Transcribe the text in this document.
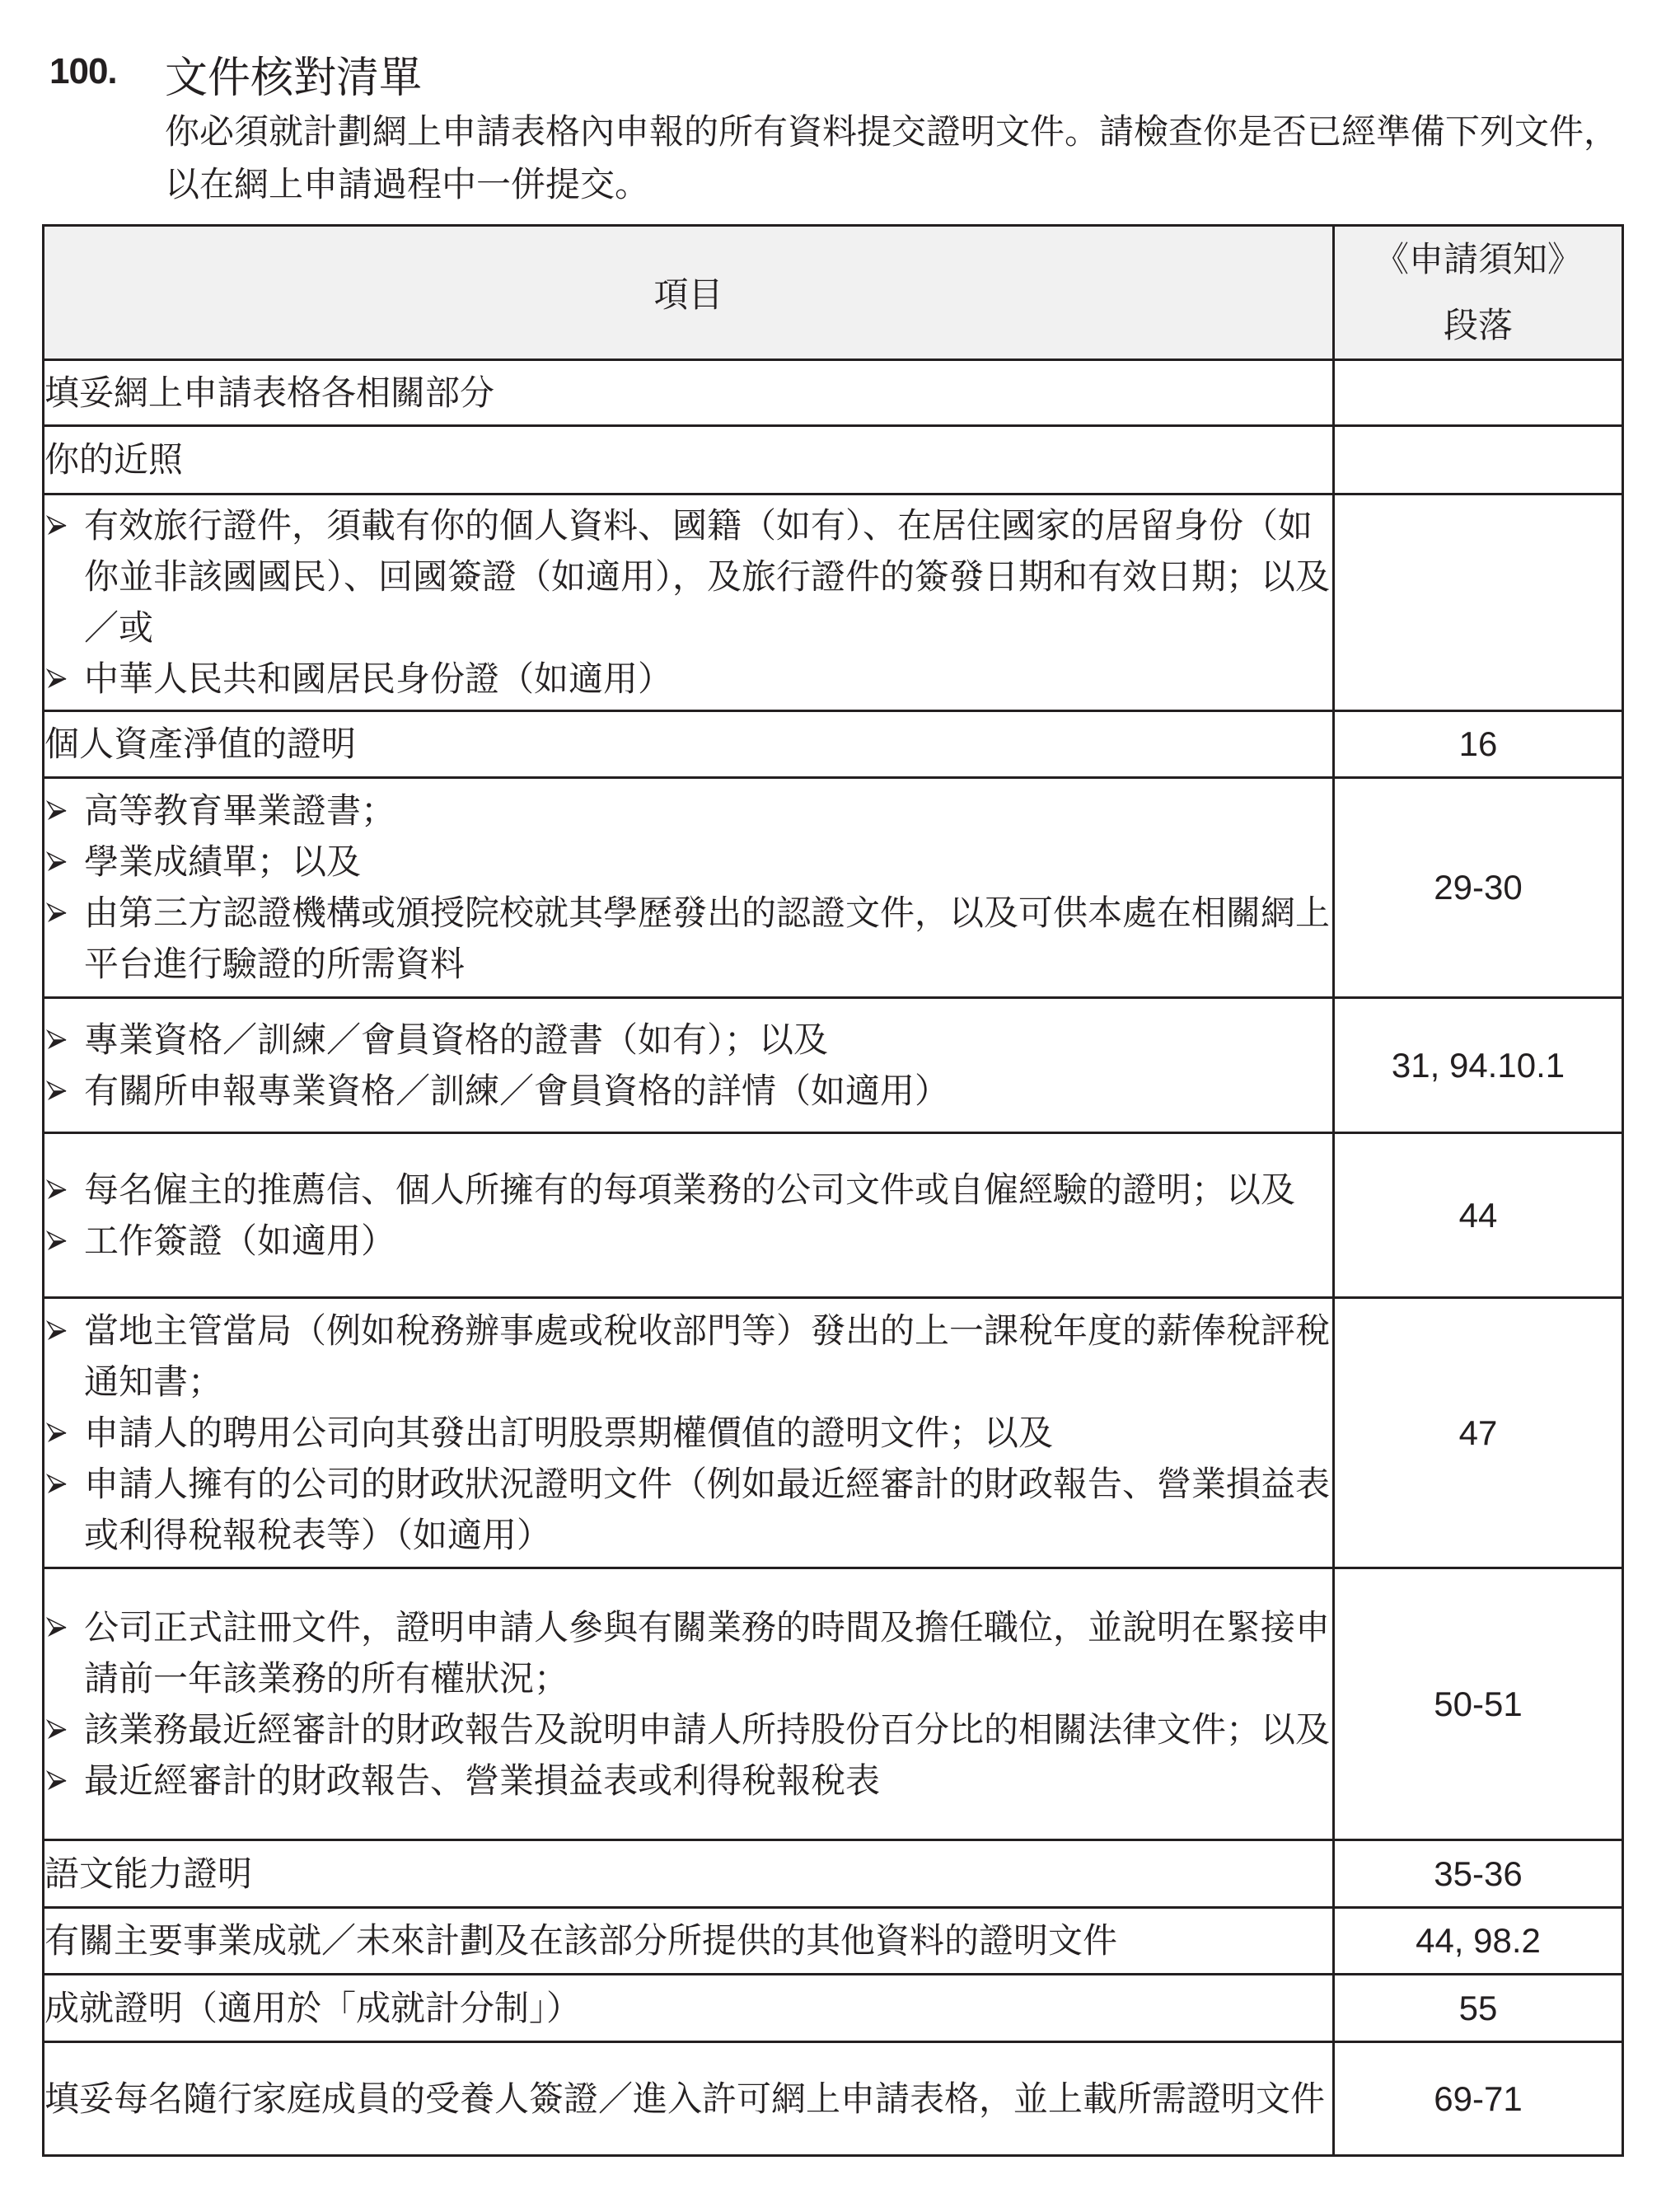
100. 文件核對清單

你必須就計劃網上申請表格內申報的所有資料提交證明文件。請檢查你是否已經準備下列文件，以在網上申請過程中一併提交。

項目	《申請須知》
段落

填妥網上申請表格各相關部分	
你的近照	

有效旅行證件，須載有你的個人資料、國籍（如有）、在居住國家的居留身份（如你並非該國國民）、回國簽證（如適用），及旅行證件的簽發日期和有效日期；以及／或
中華人民共和國居民身份證（如適用）	

個人資產淨值的證明	16

高等教育畢業證書；
學業成績單；以及
由第三方認證機構或頒授院校就其學歷發出的認證文件，以及可供本處在相關網上平台進行驗證的所需資料	29-30

專業資格／訓練／會員資格的證書（如有）；以及
有關所申報專業資格／訓練／會員資格的詳情（如適用）	31, 94.10.1

每名僱主的推薦信、個人所擁有的每項業務的公司文件或自僱經驗的證明；以及
工作簽證（如適用）	44

當地主管當局（例如稅務辦事處或稅收部門等）發出的上一課稅年度的薪俸稅評稅通知書；
申請人的聘用公司向其發出訂明股票期權價值的證明文件；以及
申請人擁有的公司的財政狀況證明文件（例如最近經審計的財政報告、營業損益表或利得稅報稅表等）（如適用）	47

公司正式註冊文件，證明申請人參與有關業務的時間及擔任職位，並說明在緊接申請前一年該業務的所有權狀況；
該業務最近經審計的財政報告及說明申請人所持股份百分比的相關法律文件；以及
最近經審計的財政報告、營業損益表或利得稅報稅表	50-51
語文能力證明	35-36
有關主要事業成就／未來計劃及在該部分所提供的其他資料的證明文件	44, 98.2
成就證明（適用於「成就計分制」）	55
填妥每名隨行家庭成員的受養人簽證／進入許可網上申請表格，並上載所需證明文件	69-71
